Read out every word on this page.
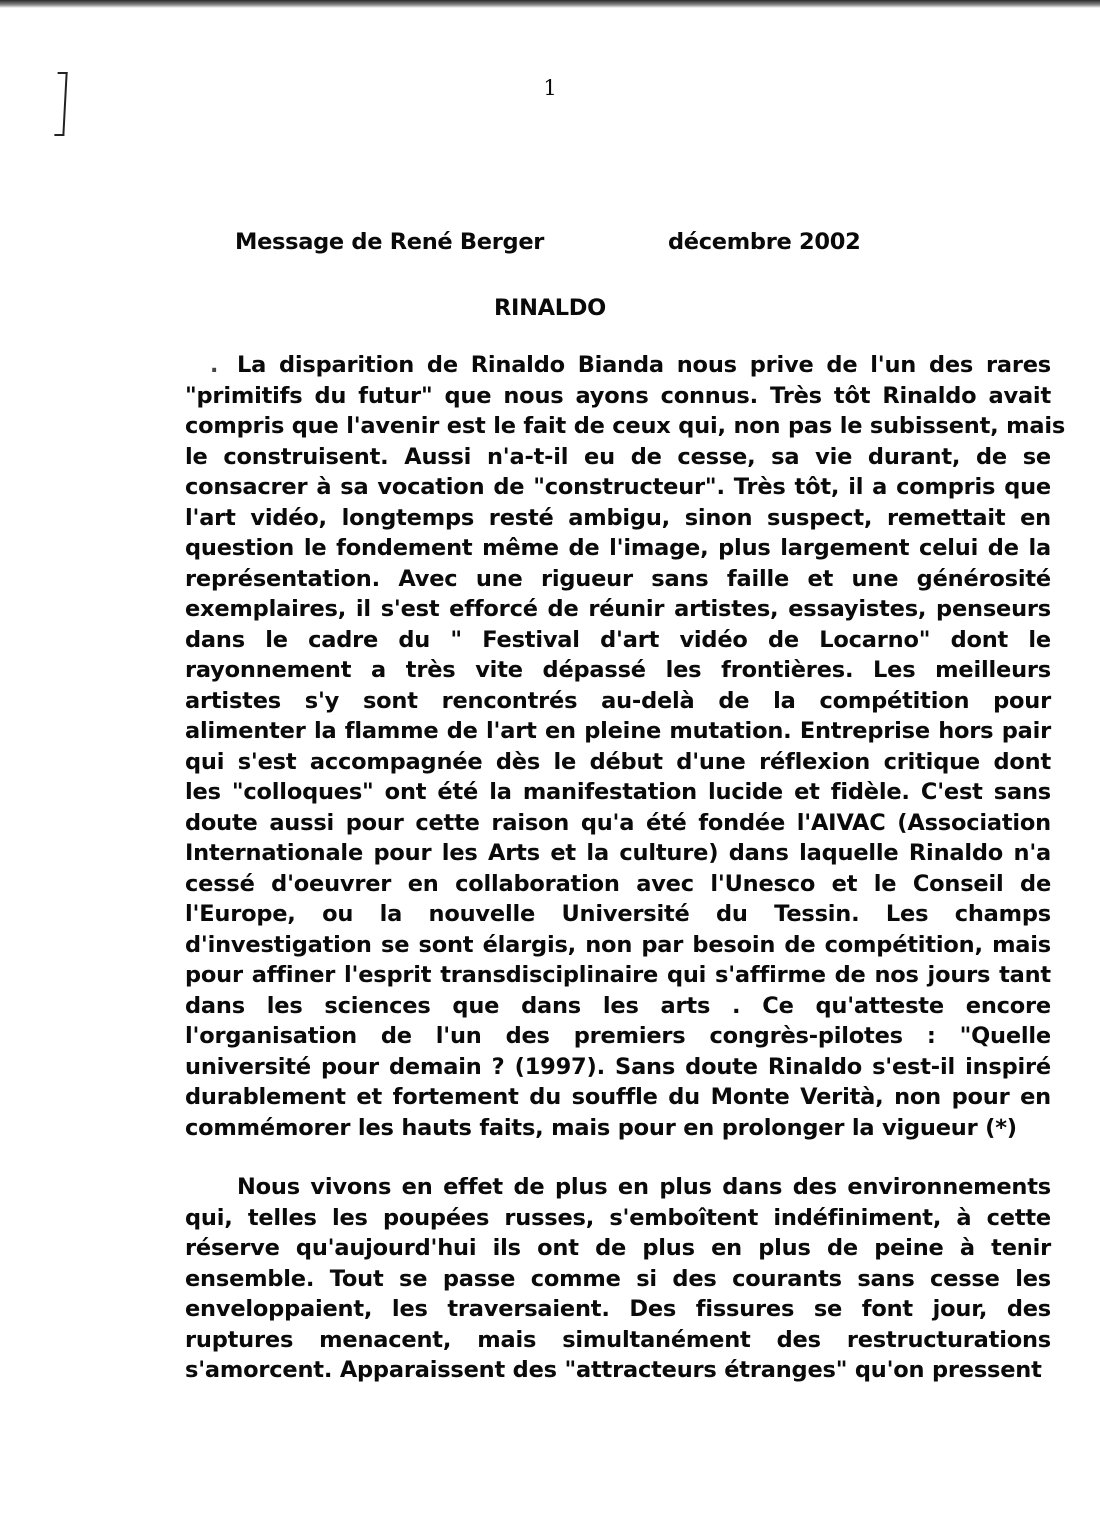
1
Message de René Berger	décembre 2002
RINALDO
. La disparition de Rinaldo Bianda nous prive de l'un des rares
"primitifs du futur" que nous ayons connus. Très tôt Rinaldo avait
compris que l'avenir est le fait de ceux qui, non pas le subissent, mais
le construisent. Aussi n'a-t-il eu de cesse, sa vie durant, de se
consacrer à sa vocation de "constructeur". Très tôt, il a compris que
l'art vidéo, longtemps resté ambigu, sinon suspect, remettait en
question le fondement même de l'image, plus largement celui de la
représentation. Avec une rigueur sans faille et une générosité
exemplaires, il s'est efforcé de réunir artistes, essayistes, penseurs
dans le cadre du " Festival d'art vidéo de Locarno" dont le
rayonnement a très vite dépassé les frontières. Les meilleurs
artistes s'y sont rencontrés au-delà de la compétition pour
alimenter la flamme de l'art en pleine mutation. Entreprise hors pair
qui s'est accompagnée dès le début d'une réflexion critique dont
les "colloques" ont été la manifestation lucide et fidèle. C'est sans
doute aussi pour cette raison qu'a été fondée l'AIVAC (Association
Internationale pour les Arts et la culture) dans laquelle Rinaldo n'a
cessé d'oeuvrer en collaboration avec l'Unesco et le Conseil de
l'Europe, ou la nouvelle Université du Tessin. Les champs
d'investigation se sont élargis, non par besoin de compétition, mais
pour affiner l'esprit transdisciplinaire qui s'affirme de nos jours tant
dans les sciences que dans les arts . Ce qu'atteste encore
l'organisation de l'un des premiers congrès-pilotes : "Quelle
université pour demain ? (1997). Sans doute Rinaldo s'est-il inspiré
durablement et fortement du souffle du Monte Verità, non pour en
commémorer les hauts faits, mais pour en prolonger la vigueur (*)

Nous vivons en effet de plus en plus dans des environnements
qui, telles les poupées russes, s'emboîtent indéfiniment, à cette
réserve qu'aujourd'hui ils ont de plus en plus de peine à tenir
ensemble. Tout se passe comme si des courants sans cesse les
enveloppaient, les traversaient. Des fissures se font jour, des
ruptures menacent, mais simultanément des restructurations
s'amorcent. Apparaissent des "attracteurs étranges" qu'on pressent
